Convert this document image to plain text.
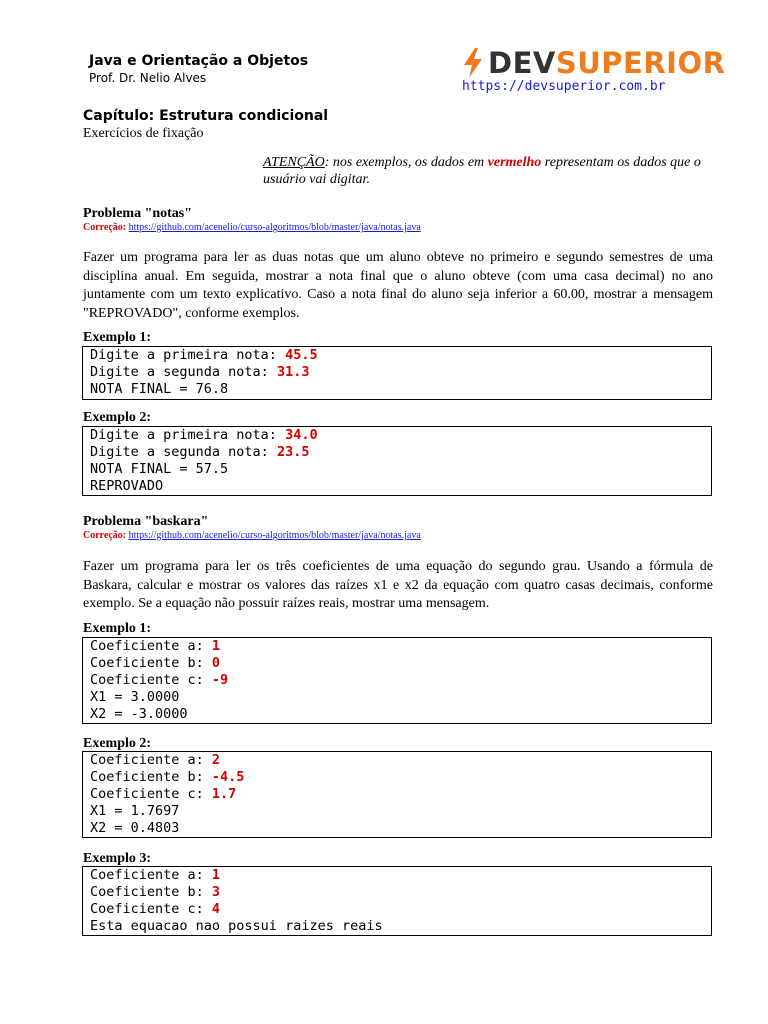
Java e Orientação a Objetos
Prof. Dr. Nelio Alves	DEV SUPERIOR
https://devsuperior.com.br
Capítulo: Estrutura condicional
Exercícios de fixação
ATENÇÃO: nos exemplos, os dados em vermelho representam os dados que o usuário vai digitar.
Problema "notas"
Correção: https://github.com/acenelio/curso-algoritmos/blob/master/java/notas.java
Fazer um programa para ler as duas notas que um aluno obteve no primeiro e segundo semestres de uma disciplina anual. Em seguida, mostrar a nota final que o aluno obteve (com uma casa decimal) no ano juntamente com um texto explicativo. Caso a nota final do aluno seja inferior a 60.00, mostrar a mensagem "REPROVADO", conforme exemplos.
Exemplo 1:
Digite a primeira nota: 45.5
Digite a segunda nota: 31.3
NOTA FINAL = 76.8
Exemplo 2:
Digite a primeira nota: 34.0
Digite a segunda nota: 23.5
NOTA FINAL = 57.5
REPROVADO
Problema "baskara"
Correção: https://github.com/acenelio/curso-algoritmos/blob/master/java/notas.java
Fazer um programa para ler os três coeficientes de uma equação do segundo grau. Usando a fórmula de Baskara, calcular e mostrar os valores das raízes x1 e x2 da equação com quatro casas decimais, conforme exemplo. Se a equação não possuir raízes reais, mostrar uma mensagem.
Exemplo 1:
Coeficiente a: 1
Coeficiente b: 0
Coeficiente c: -9
X1 = 3.0000
X2 = -3.0000
Exemplo 2:
Coeficiente a: 2
Coeficiente b: -4.5
Coeficiente c: 1.7
X1 = 1.7697
X2 = 0.4803
Exemplo 3:
Coeficiente a: 1
Coeficiente b: 3
Coeficiente c: 4
Esta equacao nao possui raizes reais
